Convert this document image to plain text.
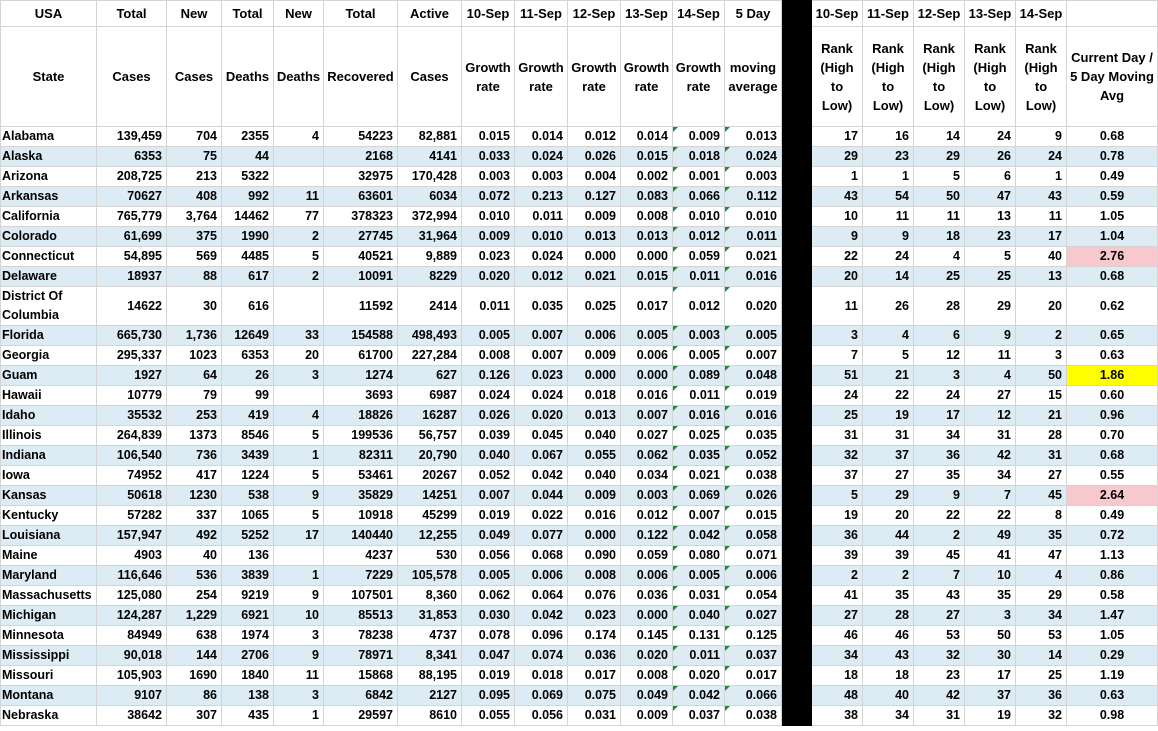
USA	Total	New	Total	New	Total	Active	10-Sep	11-Sep	12-Sep	13-Sep	14-Sep	5 Day		10-Sep	11-Sep	12-Sep	13-Sep	14-Sep	
State	Cases	Cases	Deaths	Deaths	Recovered	Cases	Growth rate	Growth rate	Growth rate	Growth rate	Growth rate	moving average		Rank (High to Low)	Rank (High to Low)	Rank (High to Low)	Rank (High to Low)	Rank (High to Low)	Current Day / 5 Day Moving Avg
Alabama	139,459	704	2355	4	54223	82,881	0.015	0.014	0.012	0.014	0.009	0.013		17	16	14	24	9	0.68
Alaska	6353	75	44		2168	4141	0.033	0.024	0.026	0.015	0.018	0.024		29	23	29	26	24	0.78
Arizona	208,725	213	5322		32975	170,428	0.003	0.003	0.004	0.002	0.001	0.003		1	1	5	6	1	0.49
Arkansas	70627	408	992	11	63601	6034	0.072	0.213	0.127	0.083	0.066	0.112		43	54	50	47	43	0.59
California	765,779	3,764	14462	77	378323	372,994	0.010	0.011	0.009	0.008	0.010	0.010		10	11	11	13	11	1.05
Colorado	61,699	375	1990	2	27745	31,964	0.009	0.010	0.013	0.013	0.012	0.011		9	9	18	23	17	1.04
Connecticut	54,895	569	4485	5	40521	9,889	0.023	0.024	0.000	0.000	0.059	0.021		22	24	4	5	40	2.76
Delaware	18937	88	617	2	10091	8229	0.020	0.012	0.021	0.015	0.011	0.016		20	14	25	25	13	0.68
District Of Columbia	14622	30	616		11592	2414	0.011	0.035	0.025	0.017	0.012	0.020		11	26	28	29	20	0.62
Florida	665,730	1,736	12649	33	154588	498,493	0.005	0.007	0.006	0.005	0.003	0.005		3	4	6	9	2	0.65
Georgia	295,337	1023	6353	20	61700	227,284	0.008	0.007	0.009	0.006	0.005	0.007		7	5	12	11	3	0.63
Guam	1927	64	26	3	1274	627	0.126	0.023	0.000	0.000	0.089	0.048		51	21	3	4	50	1.86
Hawaii	10779	79	99		3693	6987	0.024	0.024	0.018	0.016	0.011	0.019		24	22	24	27	15	0.60
Idaho	35532	253	419	4	18826	16287	0.026	0.020	0.013	0.007	0.016	0.016		25	19	17	12	21	0.96
Illinois	264,839	1373	8546	5	199536	56,757	0.039	0.045	0.040	0.027	0.025	0.035		31	31	34	31	28	0.70
Indiana	106,540	736	3439	1	82311	20,790	0.040	0.067	0.055	0.062	0.035	0.052		32	37	36	42	31	0.68
Iowa	74952	417	1224	5	53461	20267	0.052	0.042	0.040	0.034	0.021	0.038		37	27	35	34	27	0.55
Kansas	50618	1230	538	9	35829	14251	0.007	0.044	0.009	0.003	0.069	0.026		5	29	9	7	45	2.64
Kentucky	57282	337	1065	5	10918	45299	0.019	0.022	0.016	0.012	0.007	0.015		19	20	22	22	8	0.49
Louisiana	157,947	492	5252	17	140440	12,255	0.049	0.077	0.000	0.122	0.042	0.058		36	44	2	49	35	0.72
Maine	4903	40	136		4237	530	0.056	0.068	0.090	0.059	0.080	0.071		39	39	45	41	47	1.13
Maryland	116,646	536	3839	1	7229	105,578	0.005	0.006	0.008	0.006	0.005	0.006		2	2	7	10	4	0.86
Massachusetts	125,080	254	9219	9	107501	8,360	0.062	0.064	0.076	0.036	0.031	0.054		41	35	43	35	29	0.58
Michigan	124,287	1,229	6921	10	85513	31,853	0.030	0.042	0.023	0.000	0.040	0.027		27	28	27	3	34	1.47
Minnesota	84949	638	1974	3	78238	4737	0.078	0.096	0.174	0.145	0.131	0.125		46	46	53	50	53	1.05
Mississippi	90,018	144	2706	9	78971	8,341	0.047	0.074	0.036	0.020	0.011	0.037		34	43	32	30	14	0.29
Missouri	105,903	1690	1840	11	15868	88,195	0.019	0.018	0.017	0.008	0.020	0.017		18	18	23	17	25	1.19
Montana	9107	86	138	3	6842	2127	0.095	0.069	0.075	0.049	0.042	0.066		48	40	42	37	36	0.63
Nebraska	38642	307	435	1	29597	8610	0.055	0.056	0.031	0.009	0.037	0.038		38	34	31	19	32	0.98
